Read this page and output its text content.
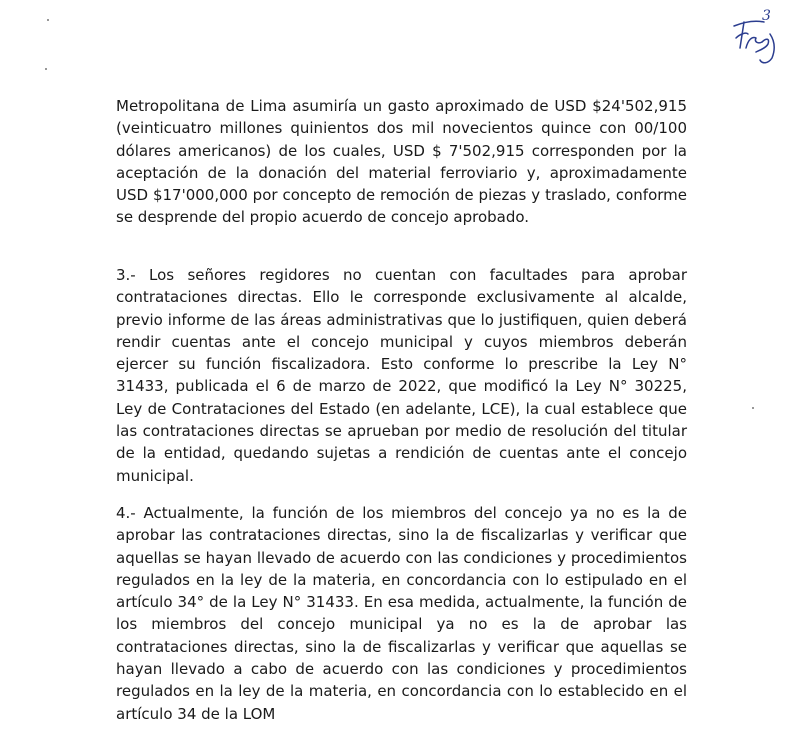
3

Metropolitana de Lima asumiría un gasto aproximado de USD $24'502,915 (veinticuatro millones quinientos dos mil novecientos quince con 00/100 dólares americanos) de los cuales, USD $ 7'502,915 corresponden por la aceptación de la donación del material ferroviario y, aproximadamente USD $17'000,000 por concepto de remoción de piezas y traslado, conforme se desprende del propio acuerdo de concejo aprobado.

3.- Los señores regidores no cuentan con facultades para aprobar contrataciones directas. Ello le corresponde exclusivamente al alcalde, previo informe de las áreas administrativas que lo justifiquen, quien deberá rendir cuentas ante el concejo municipal y cuyos miembros deberán ejercer su función fiscalizadora. Esto conforme lo prescribe la Ley N° 31433, publicada el 6 de marzo de 2022, que modificó la Ley N° 30225, Ley de Contrataciones del Estado (en adelante, LCE), la cual establece que las contrataciones directas se aprueban por medio de resolución del titular de la entidad, quedando sujetas a rendición de cuentas ante el concejo municipal.

4.- Actualmente, la función de los miembros del concejo ya no es la de aprobar las contrataciones directas, sino la de fiscalizarlas y verificar que aquellas se hayan llevado de acuerdo con las condiciones y procedimientos regulados en la ley de la materia, en concordancia con lo estipulado en el artículo 34° de la Ley N° 31433. En esa medida, actualmente, la función de los miembros del concejo municipal ya no es la de aprobar las contrataciones directas, sino la de fiscalizarlas y verificar que aquellas se hayan llevado a cabo de acuerdo con las condiciones y procedimientos regulados en la ley de la materia, en concordancia con lo establecido en el artículo 34 de la LOM
